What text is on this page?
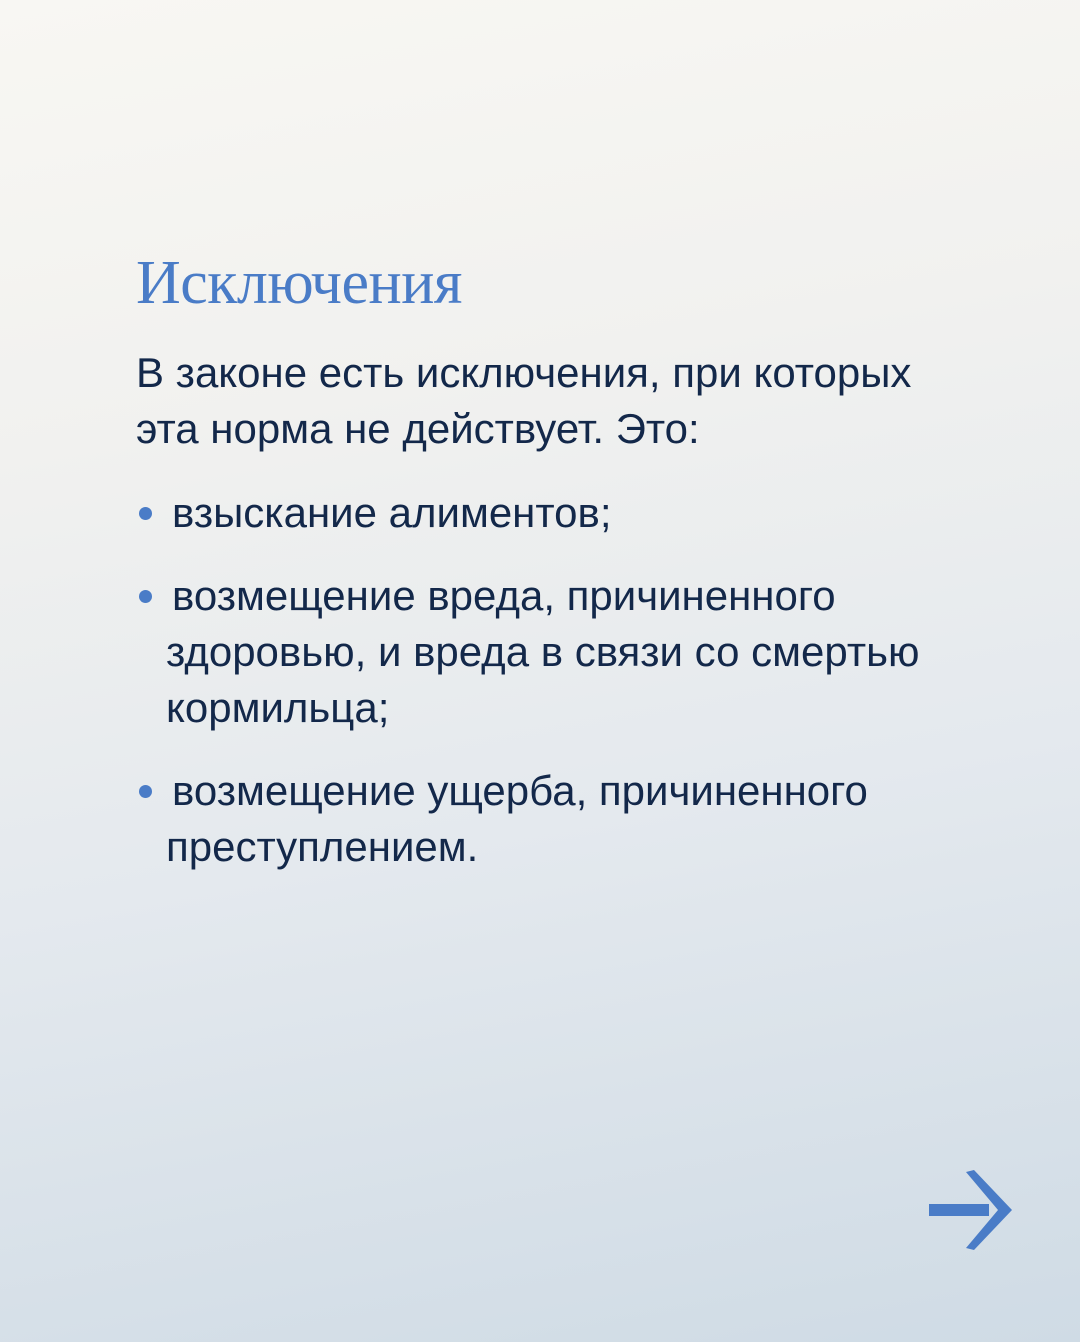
Исключения
В законе есть исключения, при которых
эта норма не действует. Это:
взыскание алиментов;
возмещение вреда, причиненного
здоровью, и вреда в связи со смертью
кормильца;
возмещение ущерба, причиненного
преступлением.
